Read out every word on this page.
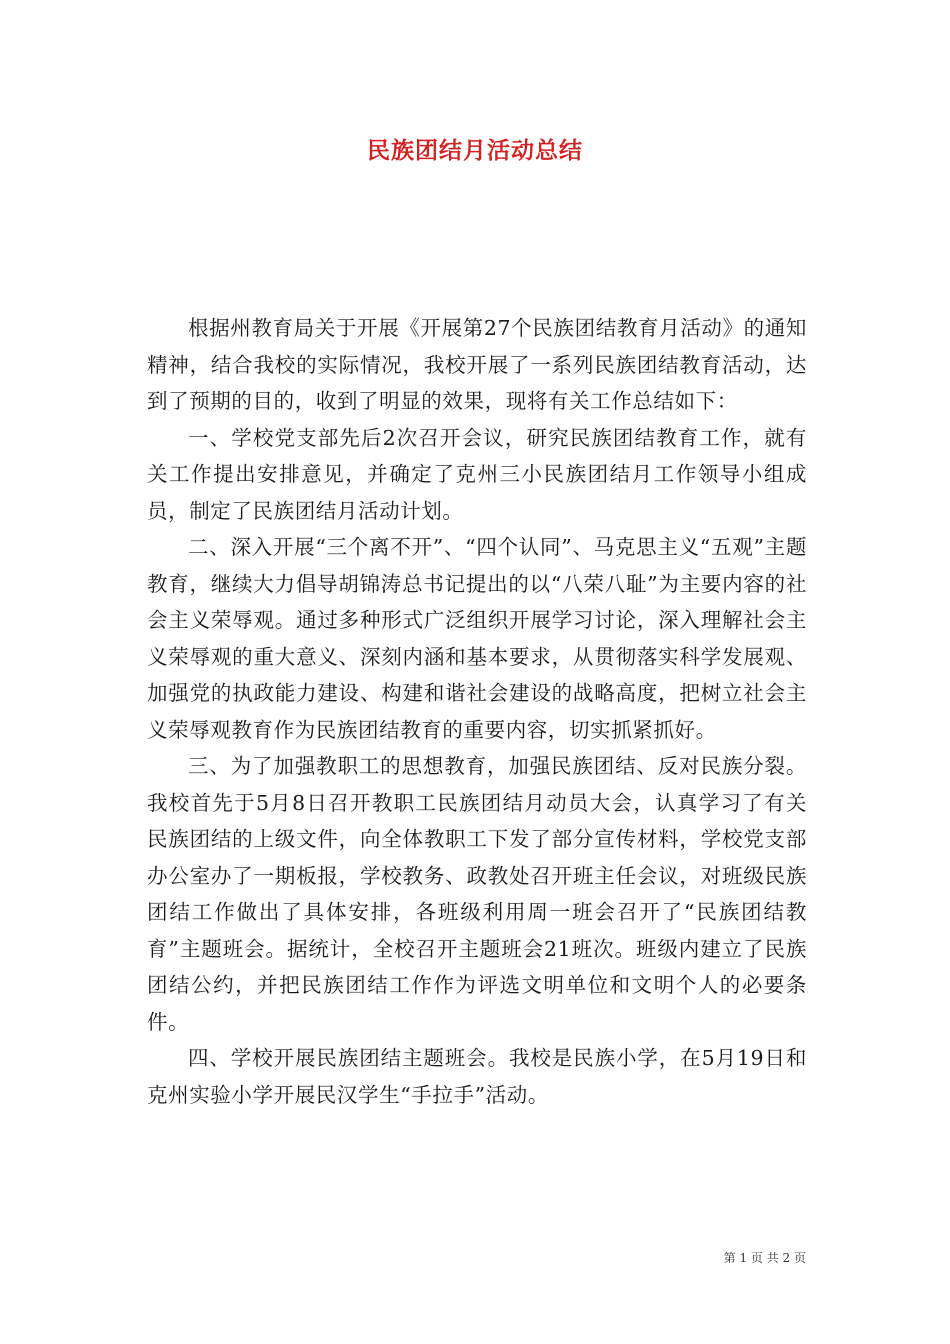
民族团结月活动总结

根据州教育局关于开展《开展第27个民族团结教育月活动》的通知精神，结合我校的实际情况，我校开展了一系列民族团结教育活动，达到了预期的目的，收到了明显的效果，现将有关工作总结如下：

一、学校党支部先后2次召开会议，研究民族团结教育工作，就有关工作提出安排意见，并确定了克州三小民族团结月工作领导小组成员，制定了民族团结月活动计划。

二、深入开展“三个离不开”、“四个认同”、马克思主义“五观”主题教育，继续大力倡导胡锦涛总书记提出的以“八荣八耻”为主要内容的社会主义荣辱观。通过多种形式广泛组织开展学习讨论，深入理解社会主义荣辱观的重大意义、深刻内涵和基本要求，从贯彻落实科学发展观、加强党的执政能力建设、构建和谐社会建设的战略高度，把树立社会主义荣辱观教育作为民族团结教育的重要内容，切实抓紧抓好。

三、为了加强教职工的思想教育，加强民族团结、反对民族分裂。我校首先于5月8日召开教职工民族团结月动员大会，认真学习了有关民族团结的上级文件，向全体教职工下发了部分宣传材料，学校党支部办公室办了一期板报，学校教务、政教处召开班主任会议，对班级民族团结工作做出了具体安排，各班级利用周一班会召开了“民族团结教育”主题班会。据统计，全校召开主题班会21班次。班级内建立了民族团结公约，并把民族团结工作作为评选文明单位和文明个人的必要条件。

四、学校开展民族团结主题班会。我校是民族小学，在5月19日和克州实验小学开展民汉学生“手拉手”活动。

第 1 页 共 2 页
